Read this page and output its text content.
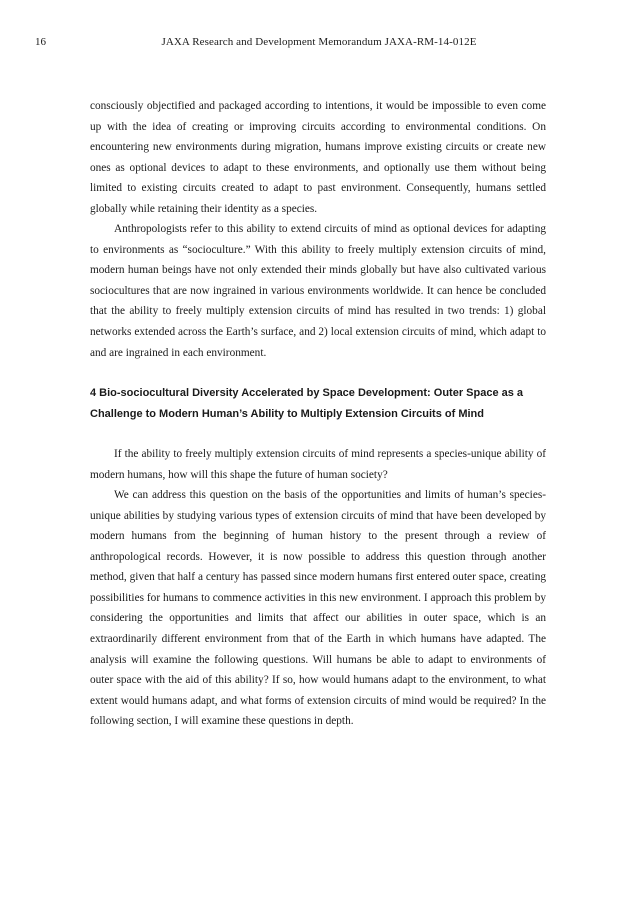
16	JAXA Research and Development Memorandum JAXA-RM-14-012E

consciously objectified and packaged according to intentions, it would be impossible to even come up with the idea of creating or improving circuits according to environmental conditions. On encountering new environments during migration, humans improve existing circuits or create new ones as optional devices to adapt to these environments, and optionally use them without being limited to existing circuits created to adapt to past environment. Consequently, humans settled globally while retaining their identity as a species.

Anthropologists refer to this ability to extend circuits of mind as optional devices for adapting to environments as “socioculture.” With this ability to freely multiply extension circuits of mind, modern human beings have not only extended their minds globally but have also cultivated various sociocultures that are now ingrained in various environments worldwide. It can hence be concluded that the ability to freely multiply extension circuits of mind has resulted in two trends: 1) global networks extended across the Earth’s surface, and 2) local extension circuits of mind, which adapt to and are ingrained in each environment.

4 Bio-sociocultural Diversity Accelerated by Space Development: Outer Space as a Challenge to Modern Human’s Ability to Multiply Extension Circuits of Mind

If the ability to freely multiply extension circuits of mind represents a species-unique ability of modern humans, how will this shape the future of human society?

We can address this question on the basis of the opportunities and limits of human’s species-unique abilities by studying various types of extension circuits of mind that have been developed by modern humans from the beginning of human history to the present through a review of anthropological records. However, it is now possible to address this question through another method, given that half a century has passed since modern humans first entered outer space, creating possibilities for humans to commence activities in this new environment. I approach this problem by considering the opportunities and limits that affect our abilities in outer space, which is an extraordinarily different environment from that of the Earth in which humans have adapted. The analysis will examine the following questions. Will humans be able to adapt to environments of outer space with the aid of this ability? If so, how would humans adapt to the environment, to what extent would humans adapt, and what forms of extension circuits of mind would be required? In the following section, I will examine these questions in depth.
